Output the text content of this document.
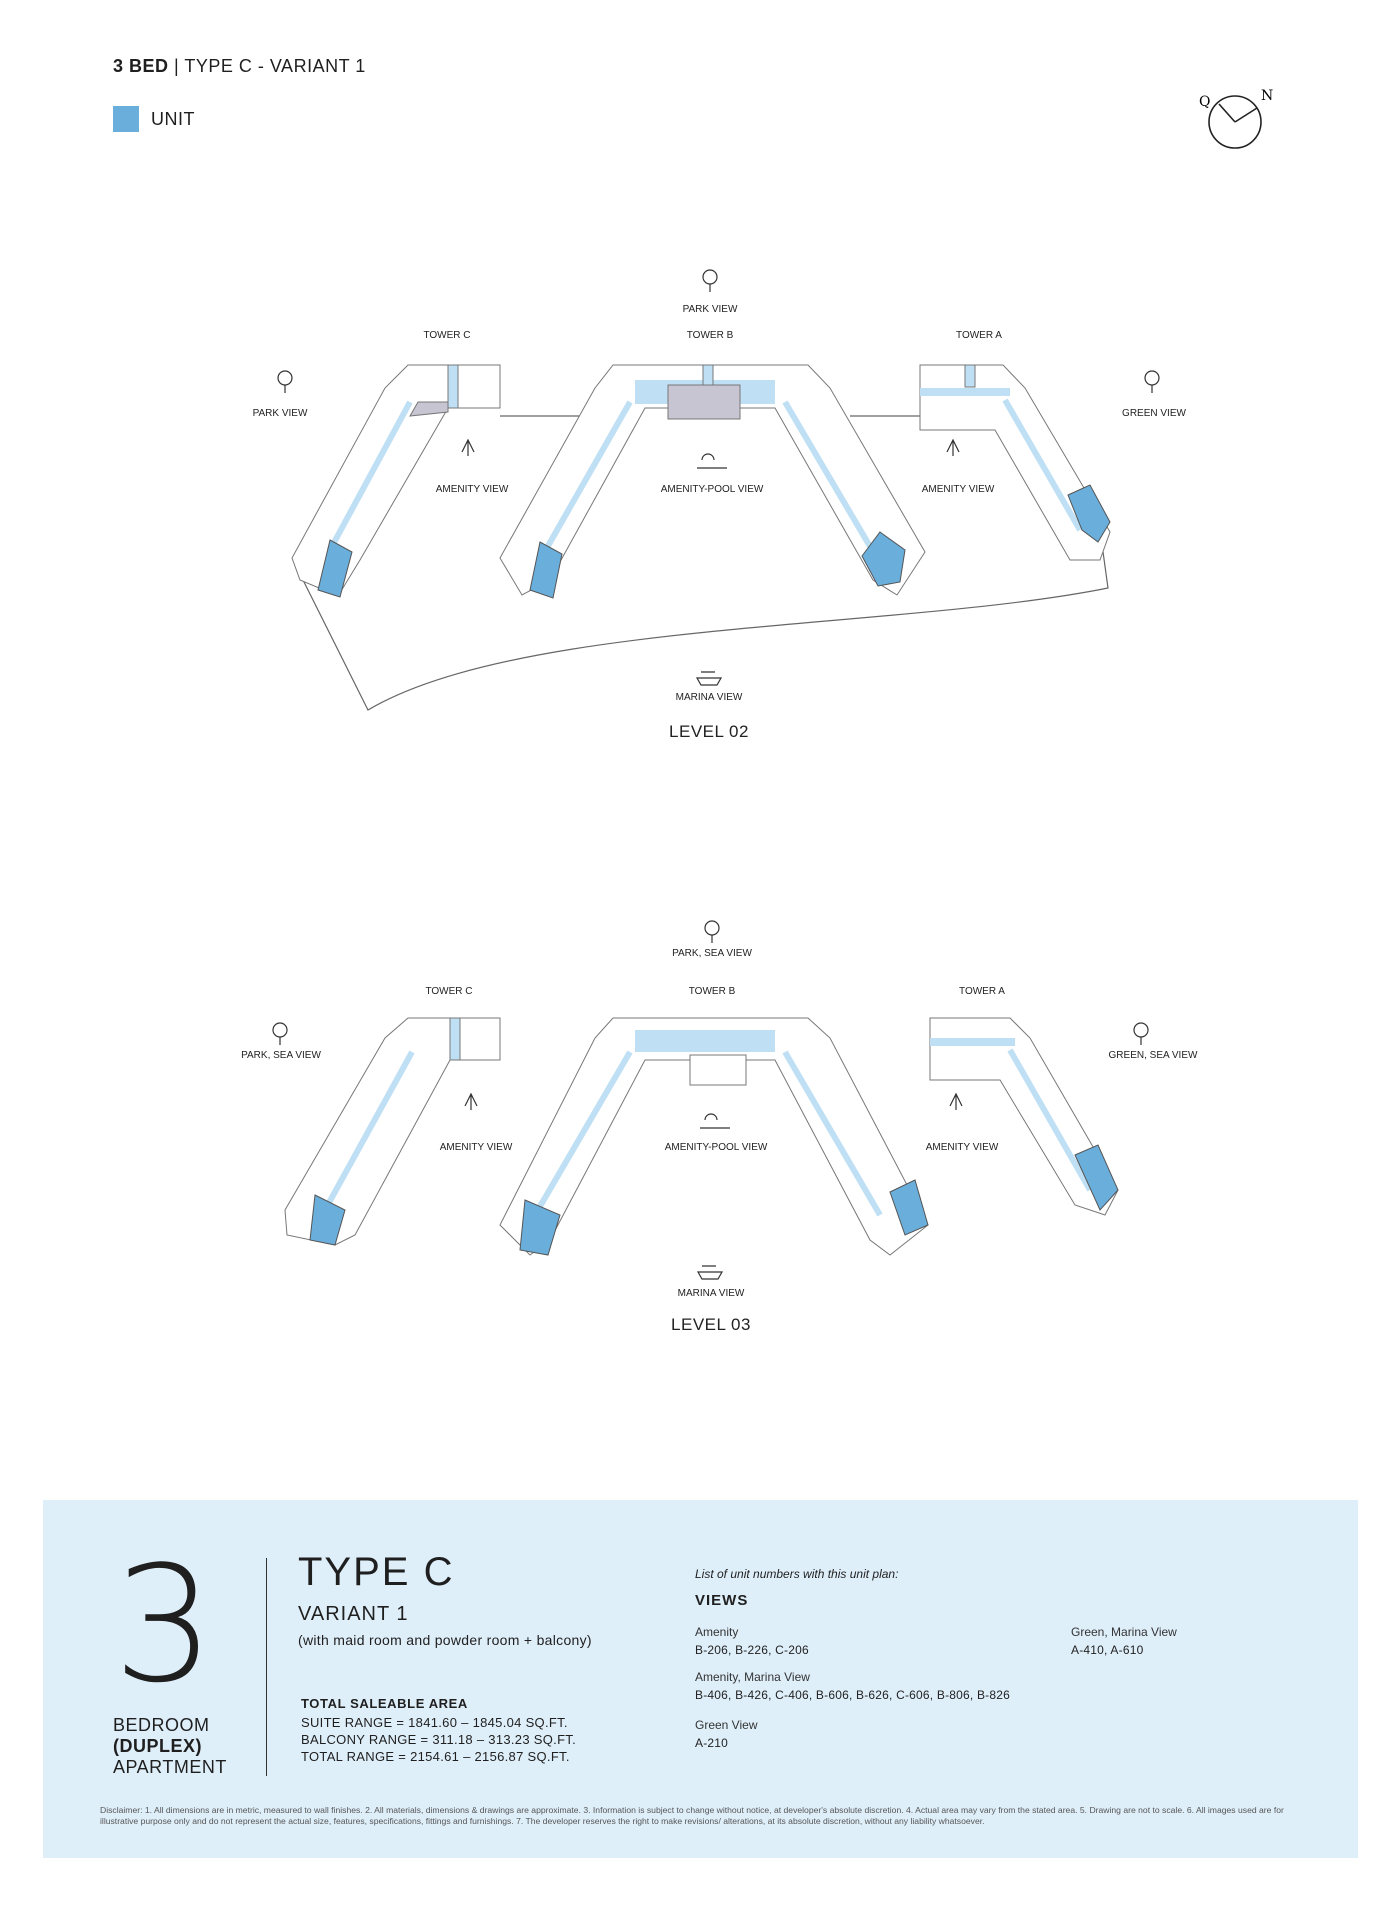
3 BED | TYPE C - VARIANT 1
UNIT
Q	N
PARK VIEW
PARK VIEW	GREEN VIEW
TOWER C	TOWER B	TOWER A
AMENITY VIEW	AMENITY-POOL VIEW	AMENITY VIEW
MARINA VIEW
LEVEL 02
PARK, SEA VIEW
PARK, SEA VIEW	GREEN, SEA VIEW
TOWER C	TOWER B	TOWER A
AMENITY VIEW	AMENITY-POOL VIEW	AMENITY VIEW
MARINA VIEW
LEVEL 03
3
BEDROOM
(DUPLEX)
APARTMENT
TYPE C
VARIANT 1
(with maid room and powder room + balcony)
TOTAL SALEABLE AREA
SUITE RANGE = 1841.60 – 1845.04 SQ.FT.
BALCONY RANGE = 311.18 – 313.23 SQ.FT.
TOTAL RANGE = 2154.61 – 2156.87 SQ.FT.
List of unit numbers with this unit plan:
VIEWS
Amenity
B-206, B-226, C-206
Amenity, Marina View
B-406, B-426, C-406, B-606, B-626, C-606, B-806, B-826
Green View
A-210
Green, Marina View
A-410, A-610
Disclaimer: 1. All dimensions are in metric, measured to wall finishes. 2. All materials, dimensions & drawings are approximate. 3. Information is subject to change without notice, at developer's absolute discretion. 4. Actual area may vary from the stated area. 5. Drawing are not to scale. 6. All images used are for illustrative purpose only and do not represent the actual size, features, specifications, fittings and furnishings. 7. The developer reserves the right to make revisions/ alterations, at its absolute discretion, without any liability whatsoever.
